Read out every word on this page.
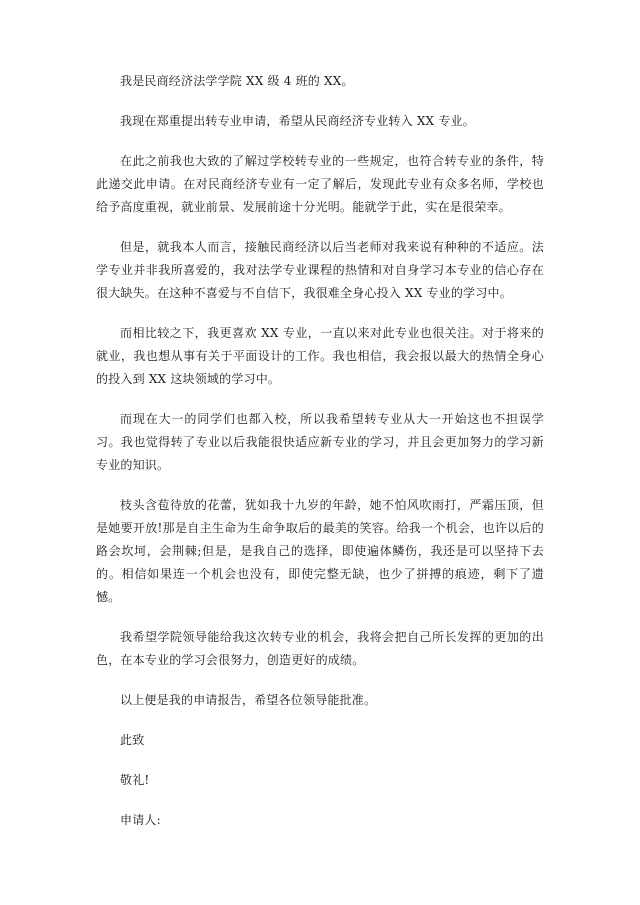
我是民商经济法学学院 XX 级 4 班的 XX。

我现在郑重提出转专业申请，希望从民商经济专业转入 XX 专业。

在此之前我也大致的了解过学校转专业的一些规定，也符合转专业的条件，特此递交此申请。在对民商经济专业有一定了解后，发现此专业有众多名师，学校也给予高度重视，就业前景、发展前途十分光明。能就学于此，实在是很荣幸。

但是，就我本人而言，接触民商经济以后当老师对我来说有种种的不适应。法学专业并非我所喜爱的，我对法学专业课程的热情和对自身学习本专业的信心存在很大缺失。在这种不喜爱与不自信下，我很难全身心投入 XX 专业的学习中。

而相比较之下，我更喜欢 XX 专业，一直以来对此专业也很关注。对于将来的就业，我也想从事有关于平面设计的工作。我也相信，我会报以最大的热情全身心的投入到 XX 这块领域的学习中。

而现在大一的同学们也都入校，所以我希望转专业从大一开始这也不担误学习。我也觉得转了专业以后我能很快适应新专业的学习，并且会更加努力的学习新专业的知识。

枝头含苞待放的花蕾，犹如我十九岁的年龄，她不怕风吹雨打，严霜压顶，但是她要开放!那是自主生命为生命争取后的最美的笑容。给我一个机会，也许以后的路会坎坷，会荆棘;但是，是我自己的选择，即使遍体鳞伤，我还是可以坚持下去的。相信如果连一个机会也没有，即使完整无缺，也少了拼搏的痕迹，剩下了遗憾。

我希望学院领导能给我这次转专业的机会，我将会把自己所长发挥的更加的出色，在本专业的学习会很努力，创造更好的成绩。

以上便是我的申请报告，希望各位领导能批准。

此致

敬礼!

申请人:
